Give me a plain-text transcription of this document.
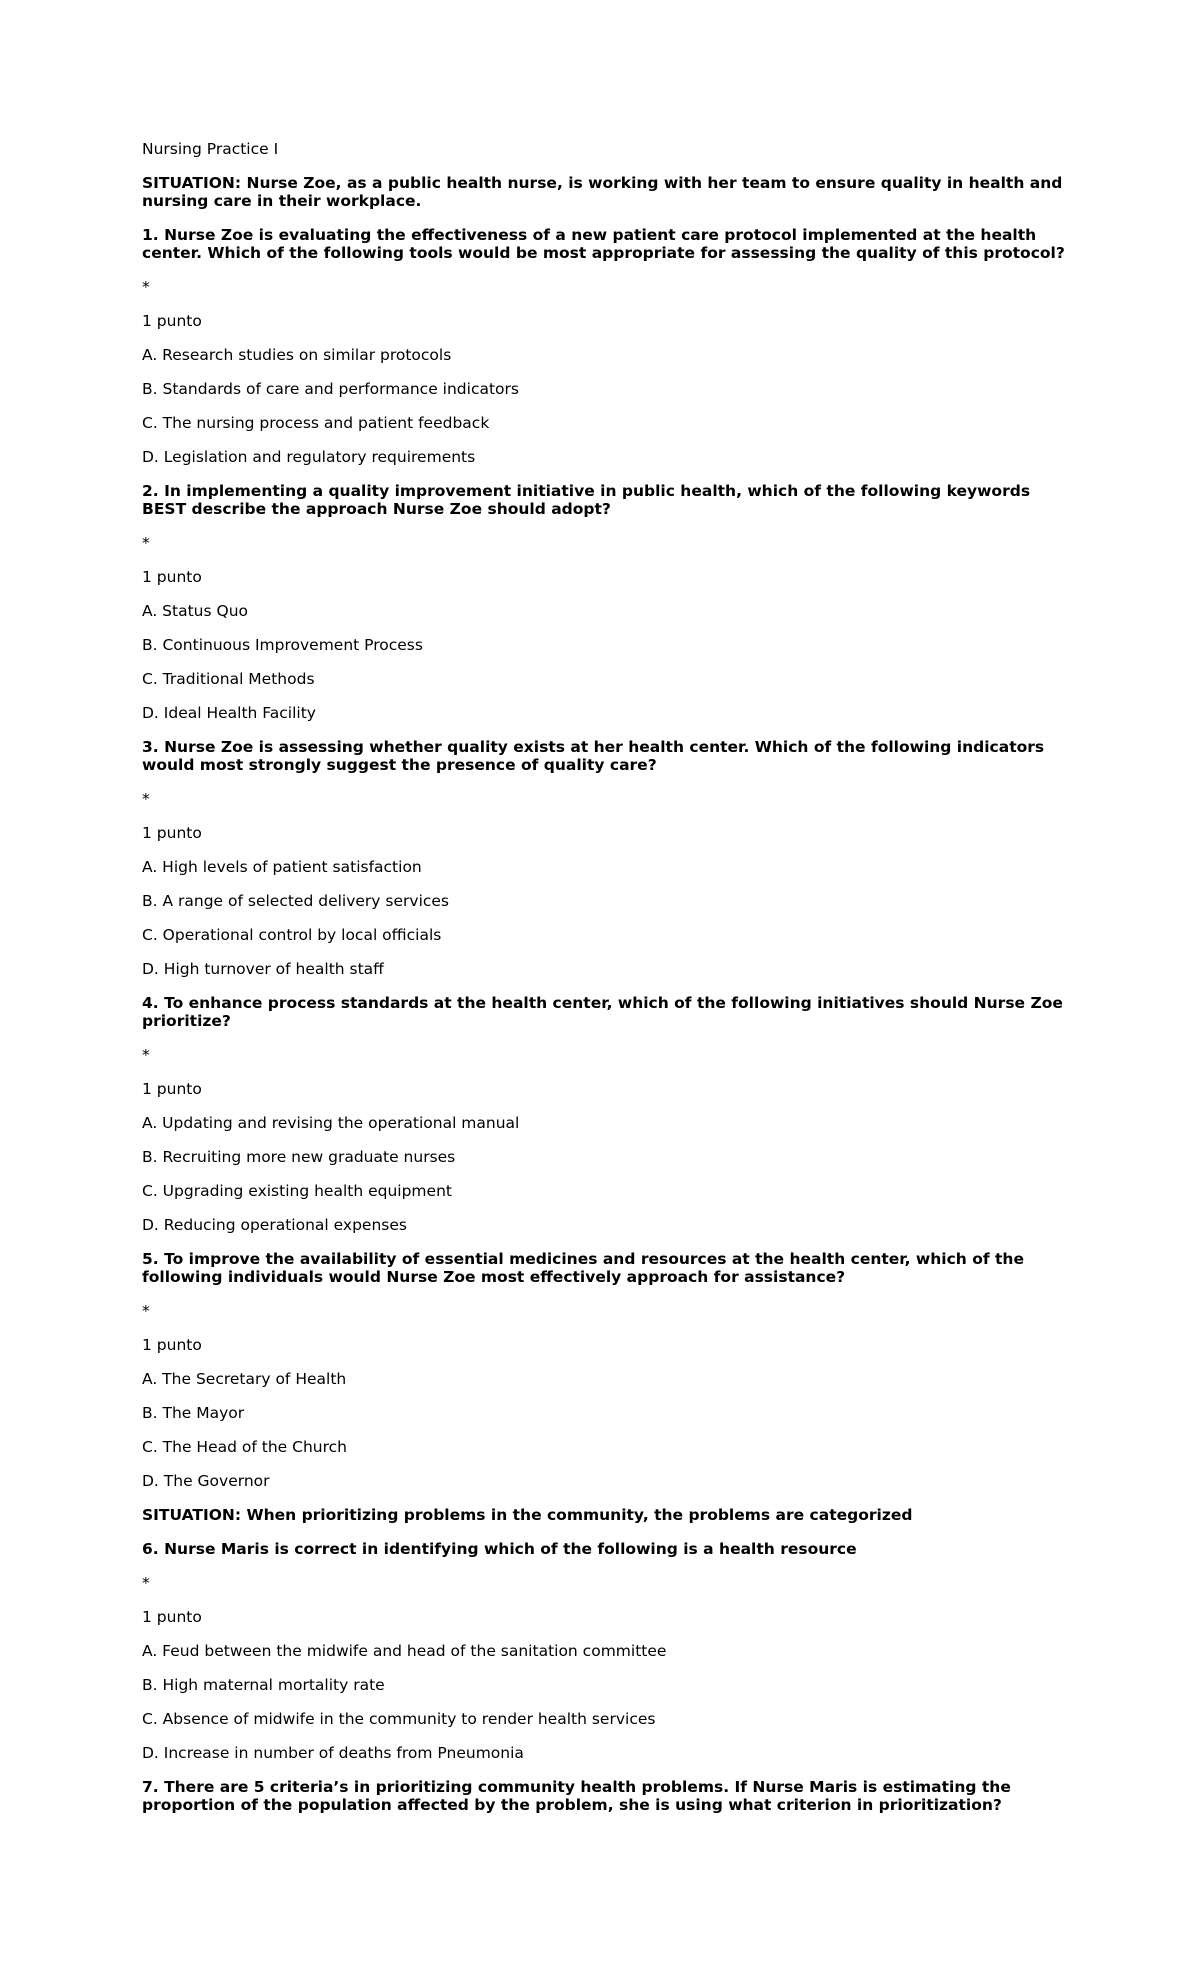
Nursing Practice I

SITUATION: Nurse Zoe, as a public health nurse, is working with her team to ensure quality in health and nursing care in their workplace.

1. Nurse Zoe is evaluating the effectiveness of a new patient care protocol implemented at the health center. Which of the following tools would be most appropriate for assessing the quality of this protocol?

*

1 punto

A. Research studies on similar protocols

B. Standards of care and performance indicators

C. The nursing process and patient feedback

D. Legislation and regulatory requirements

2. In implementing a quality improvement initiative in public health, which of the following keywords BEST describe the approach Nurse Zoe should adopt?

*

1 punto

A. Status Quo

B. Continuous Improvement Process

C. Traditional Methods

D. Ideal Health Facility

3. Nurse Zoe is assessing whether quality exists at her health center. Which of the following indicators would most strongly suggest the presence of quality care?

*

1 punto

A. High levels of patient satisfaction

B. A range of selected delivery services

C. Operational control by local officials

D. High turnover of health staff

4. To enhance process standards at the health center, which of the following initiatives should Nurse Zoe prioritize?

*

1 punto

A. Updating and revising the operational manual

B. Recruiting more new graduate nurses

C. Upgrading existing health equipment

D. Reducing operational expenses

5. To improve the availability of essential medicines and resources at the health center, which of the following individuals would Nurse Zoe most effectively approach for assistance?

*

1 punto

A. The Secretary of Health

B. The Mayor

C. The Head of the Church

D. The Governor

SITUATION: When prioritizing problems in the community, the problems are categorized

6. Nurse Maris is correct in identifying which of the following is a health resource

*

1 punto

A. Feud between the midwife and head of the sanitation committee

B. High maternal mortality rate

C. Absence of midwife in the community to render health services

D. Increase in number of deaths from Pneumonia

7. There are 5 criteria’s in prioritizing community health problems. If Nurse Maris is estimating the proportion of the population affected by the problem, she is using what criterion in prioritization?
